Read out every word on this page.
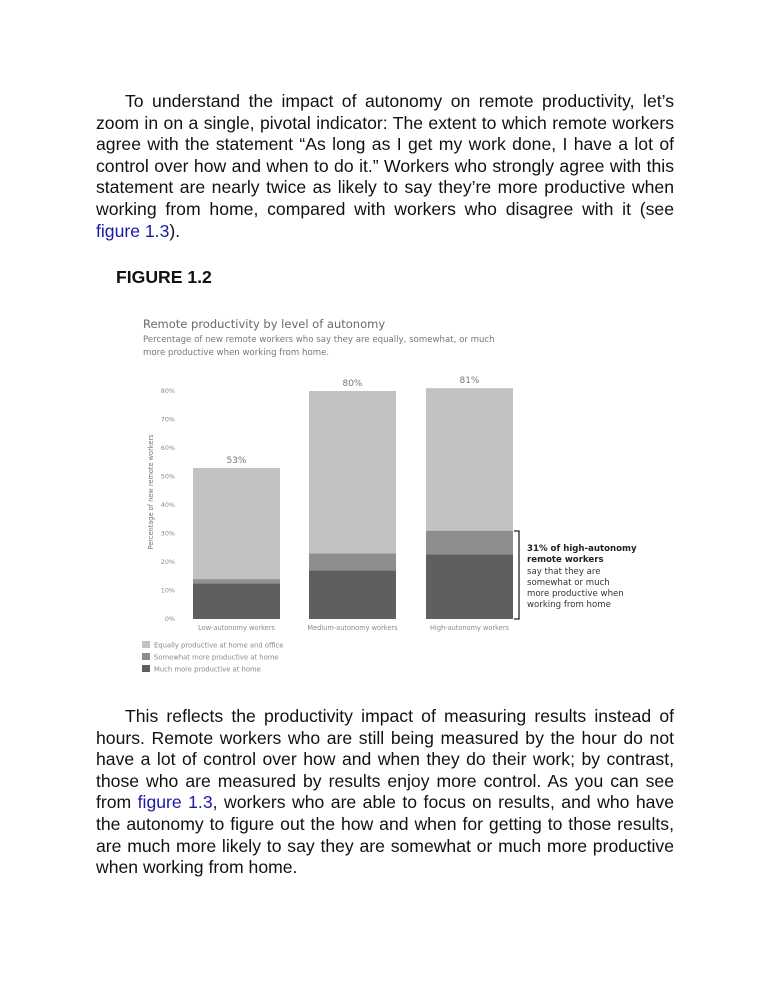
To understand the impact of autonomy on remote productivity, let’s zoom in on a single, pivotal indicator: The extent to which remote workers agree with the statement “As long as I get my work done, I have a lot of control over how and when to do it.” Workers who strongly agree with this statement are nearly twice as likely to say they’re more productive when working from home, compared with workers who disagree with it (see figure 1.3).

FIGURE 1.2

Remote productivity by level of autonomy
Percentage of new remote workers who say they are equally, somewhat, or much
more productive when working from home.
Percentage of new remote workers
0%
10%
20%
30%
40%
50%
60%
70%
80%
53%
80%	81%
Low-autonomy workers	Medium-autonomy workers	High-autonomy workers
31% of high-autonomy
remote workers
say that they are
somewhat or much
more productive when
working from home
Equally productive at home and office
Somewhat more productive at home
Much more productive at home

This reflects the productivity impact of measuring results instead of hours. Remote workers who are still being measured by the hour do not have a lot of control over how and when they do their work; by contrast, those who are measured by results enjoy more control. As you can see from figure 1.3, workers who are able to focus on results, and who have the autonomy to figure out the how and when for getting to those results, are much more likely to say they are somewhat or much more productive when working from home.
